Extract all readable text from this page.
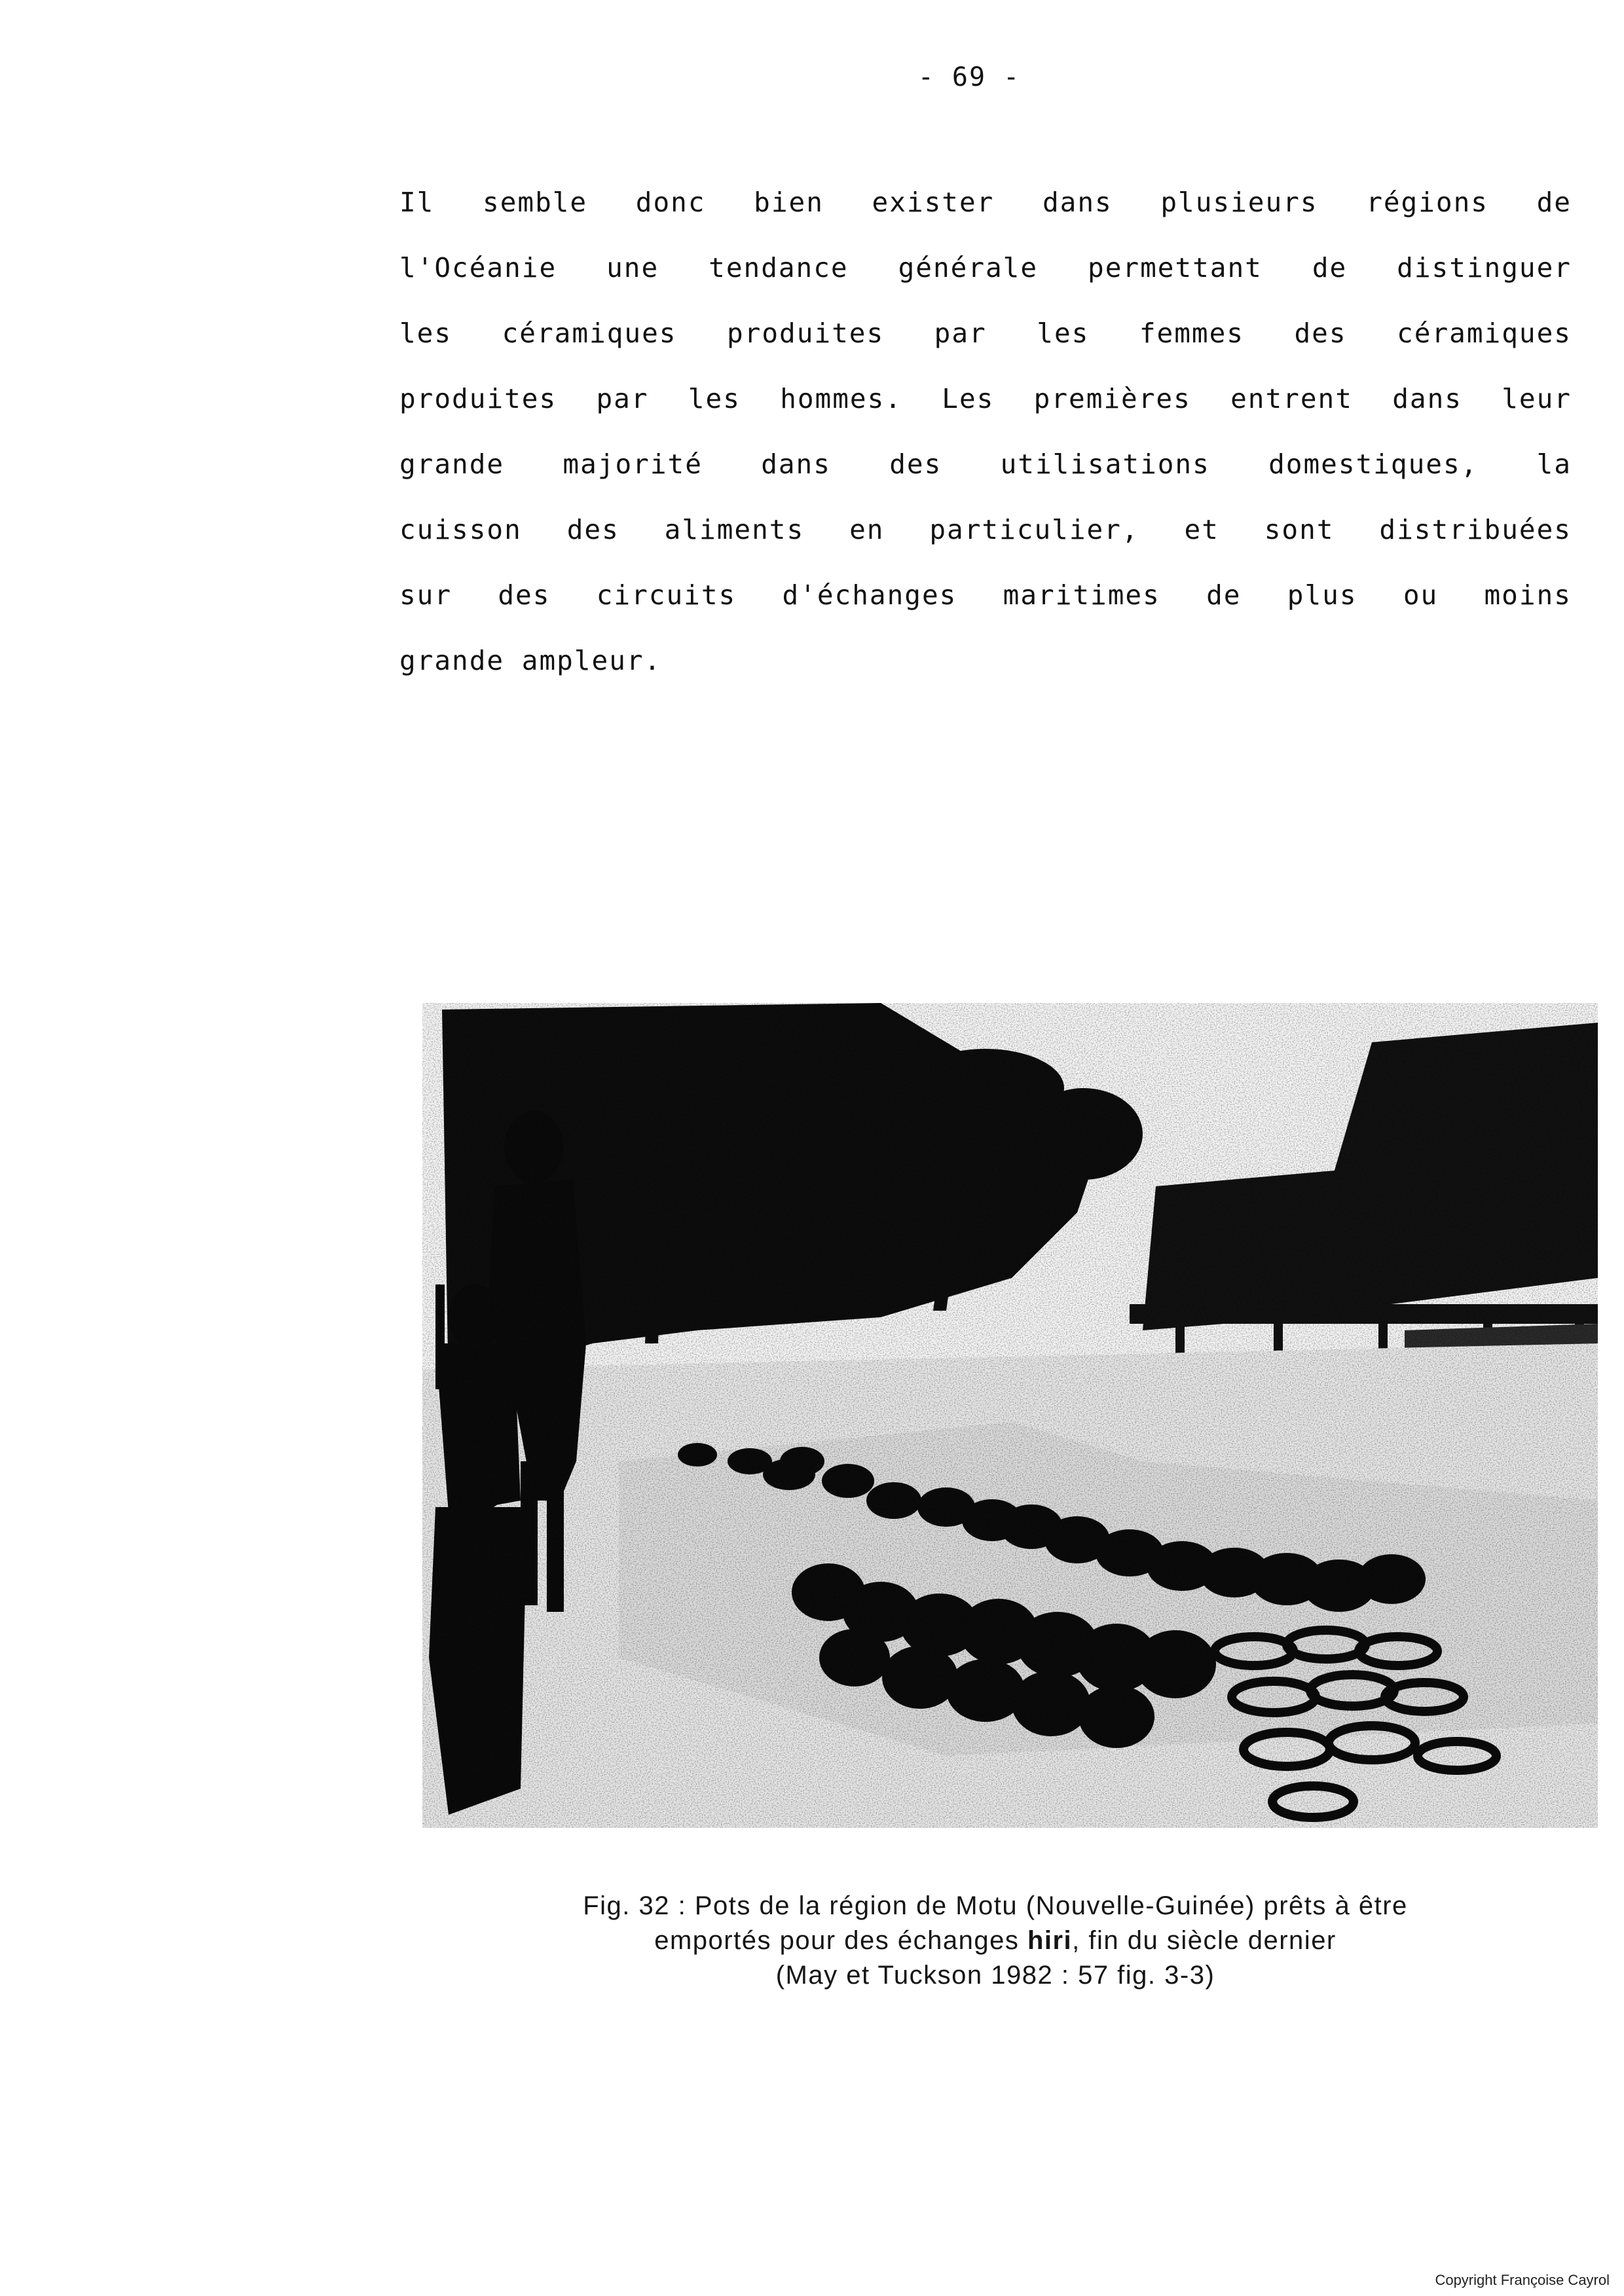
- 69 -
Il semble donc bien exister dans plusieurs régions de
l'Océanie une tendance générale permettant de distinguer
les céramiques produites par les femmes des céramiques
produites par les hommes. Les premières entrent dans leur
grande majorité dans des utilisations domestiques, la
cuisson des aliments en particulier, et sont distribuées
sur des circuits d'échanges maritimes de plus ou moins
grande ampleur.
Fig. 32 : Pots de la région de Motu (Nouvelle-Guinée) prêts à être
emportés pour des échanges hiri, fin du siècle dernier
(May et Tuckson 1982 : 57 fig. 3-3)
Copyright Françoise Cayrol
